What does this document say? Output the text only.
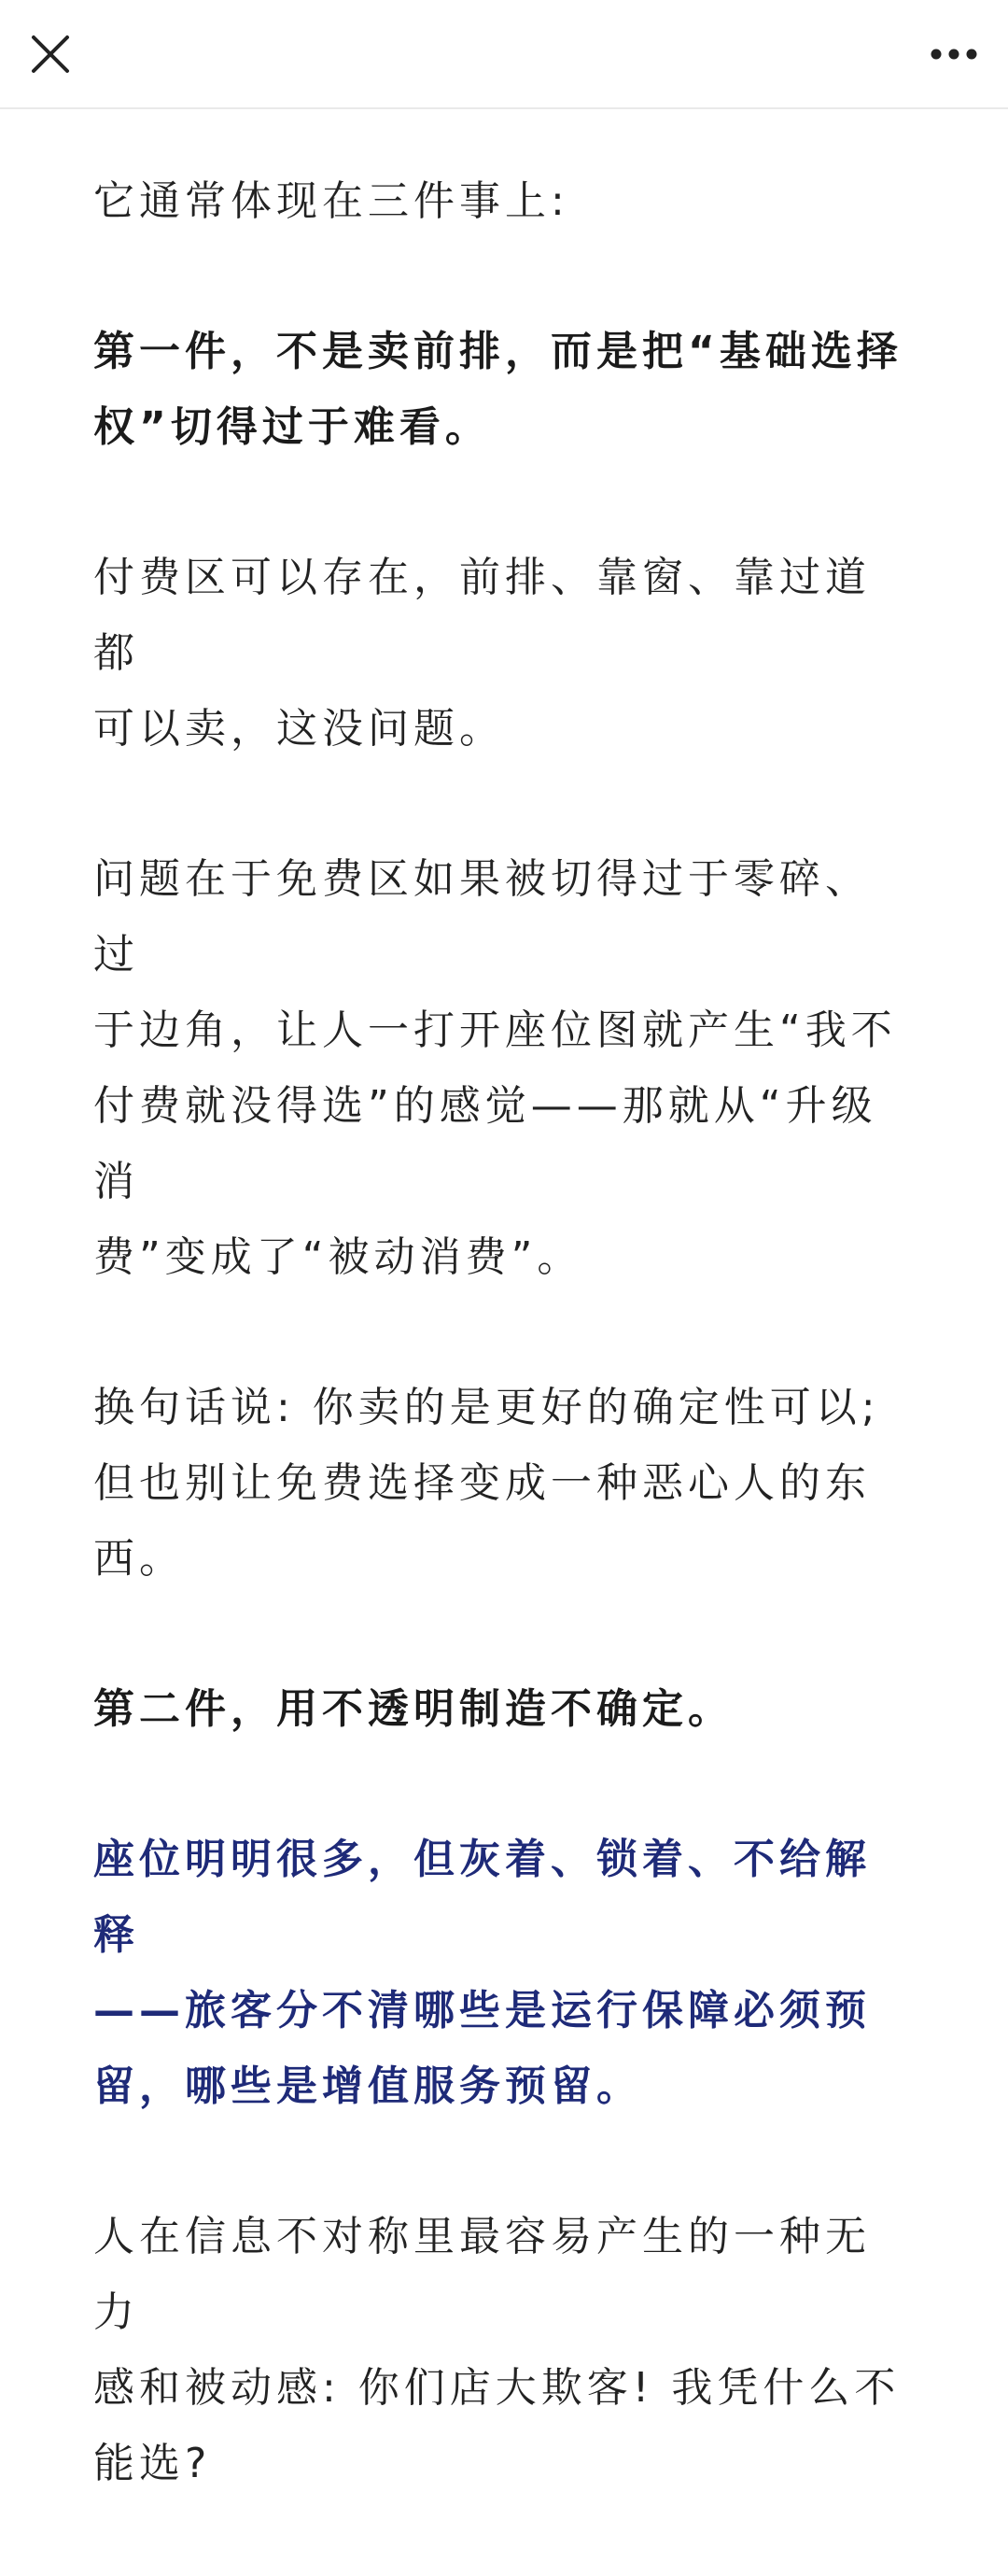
它通常体现在三件事上:

第一件，不是卖前排，而是把“基础选择
权”切得过于难看。

付费区可以存在，前排、靠窗、靠过道都
可以卖，这没问题。

问题在于免费区如果被切得过于零碎、过
于边角，让人一打开座位图就产生“我不
付费就没得选”的感觉——那就从“升级消
费”变成了“被动消费”。

换句话说: 你卖的是更好的确定性可以;
但也别让免费选择变成一种恶心人的东
西。

第二件，用不透明制造不确定。

座位明明很多，但灰着、锁着、不给解释
——旅客分不清哪些是运行保障必须预
留，哪些是增值服务预留。

人在信息不对称里最容易产生的一种无力
感和被动感: 你们店大欺客! 我凭什么不
能选?
